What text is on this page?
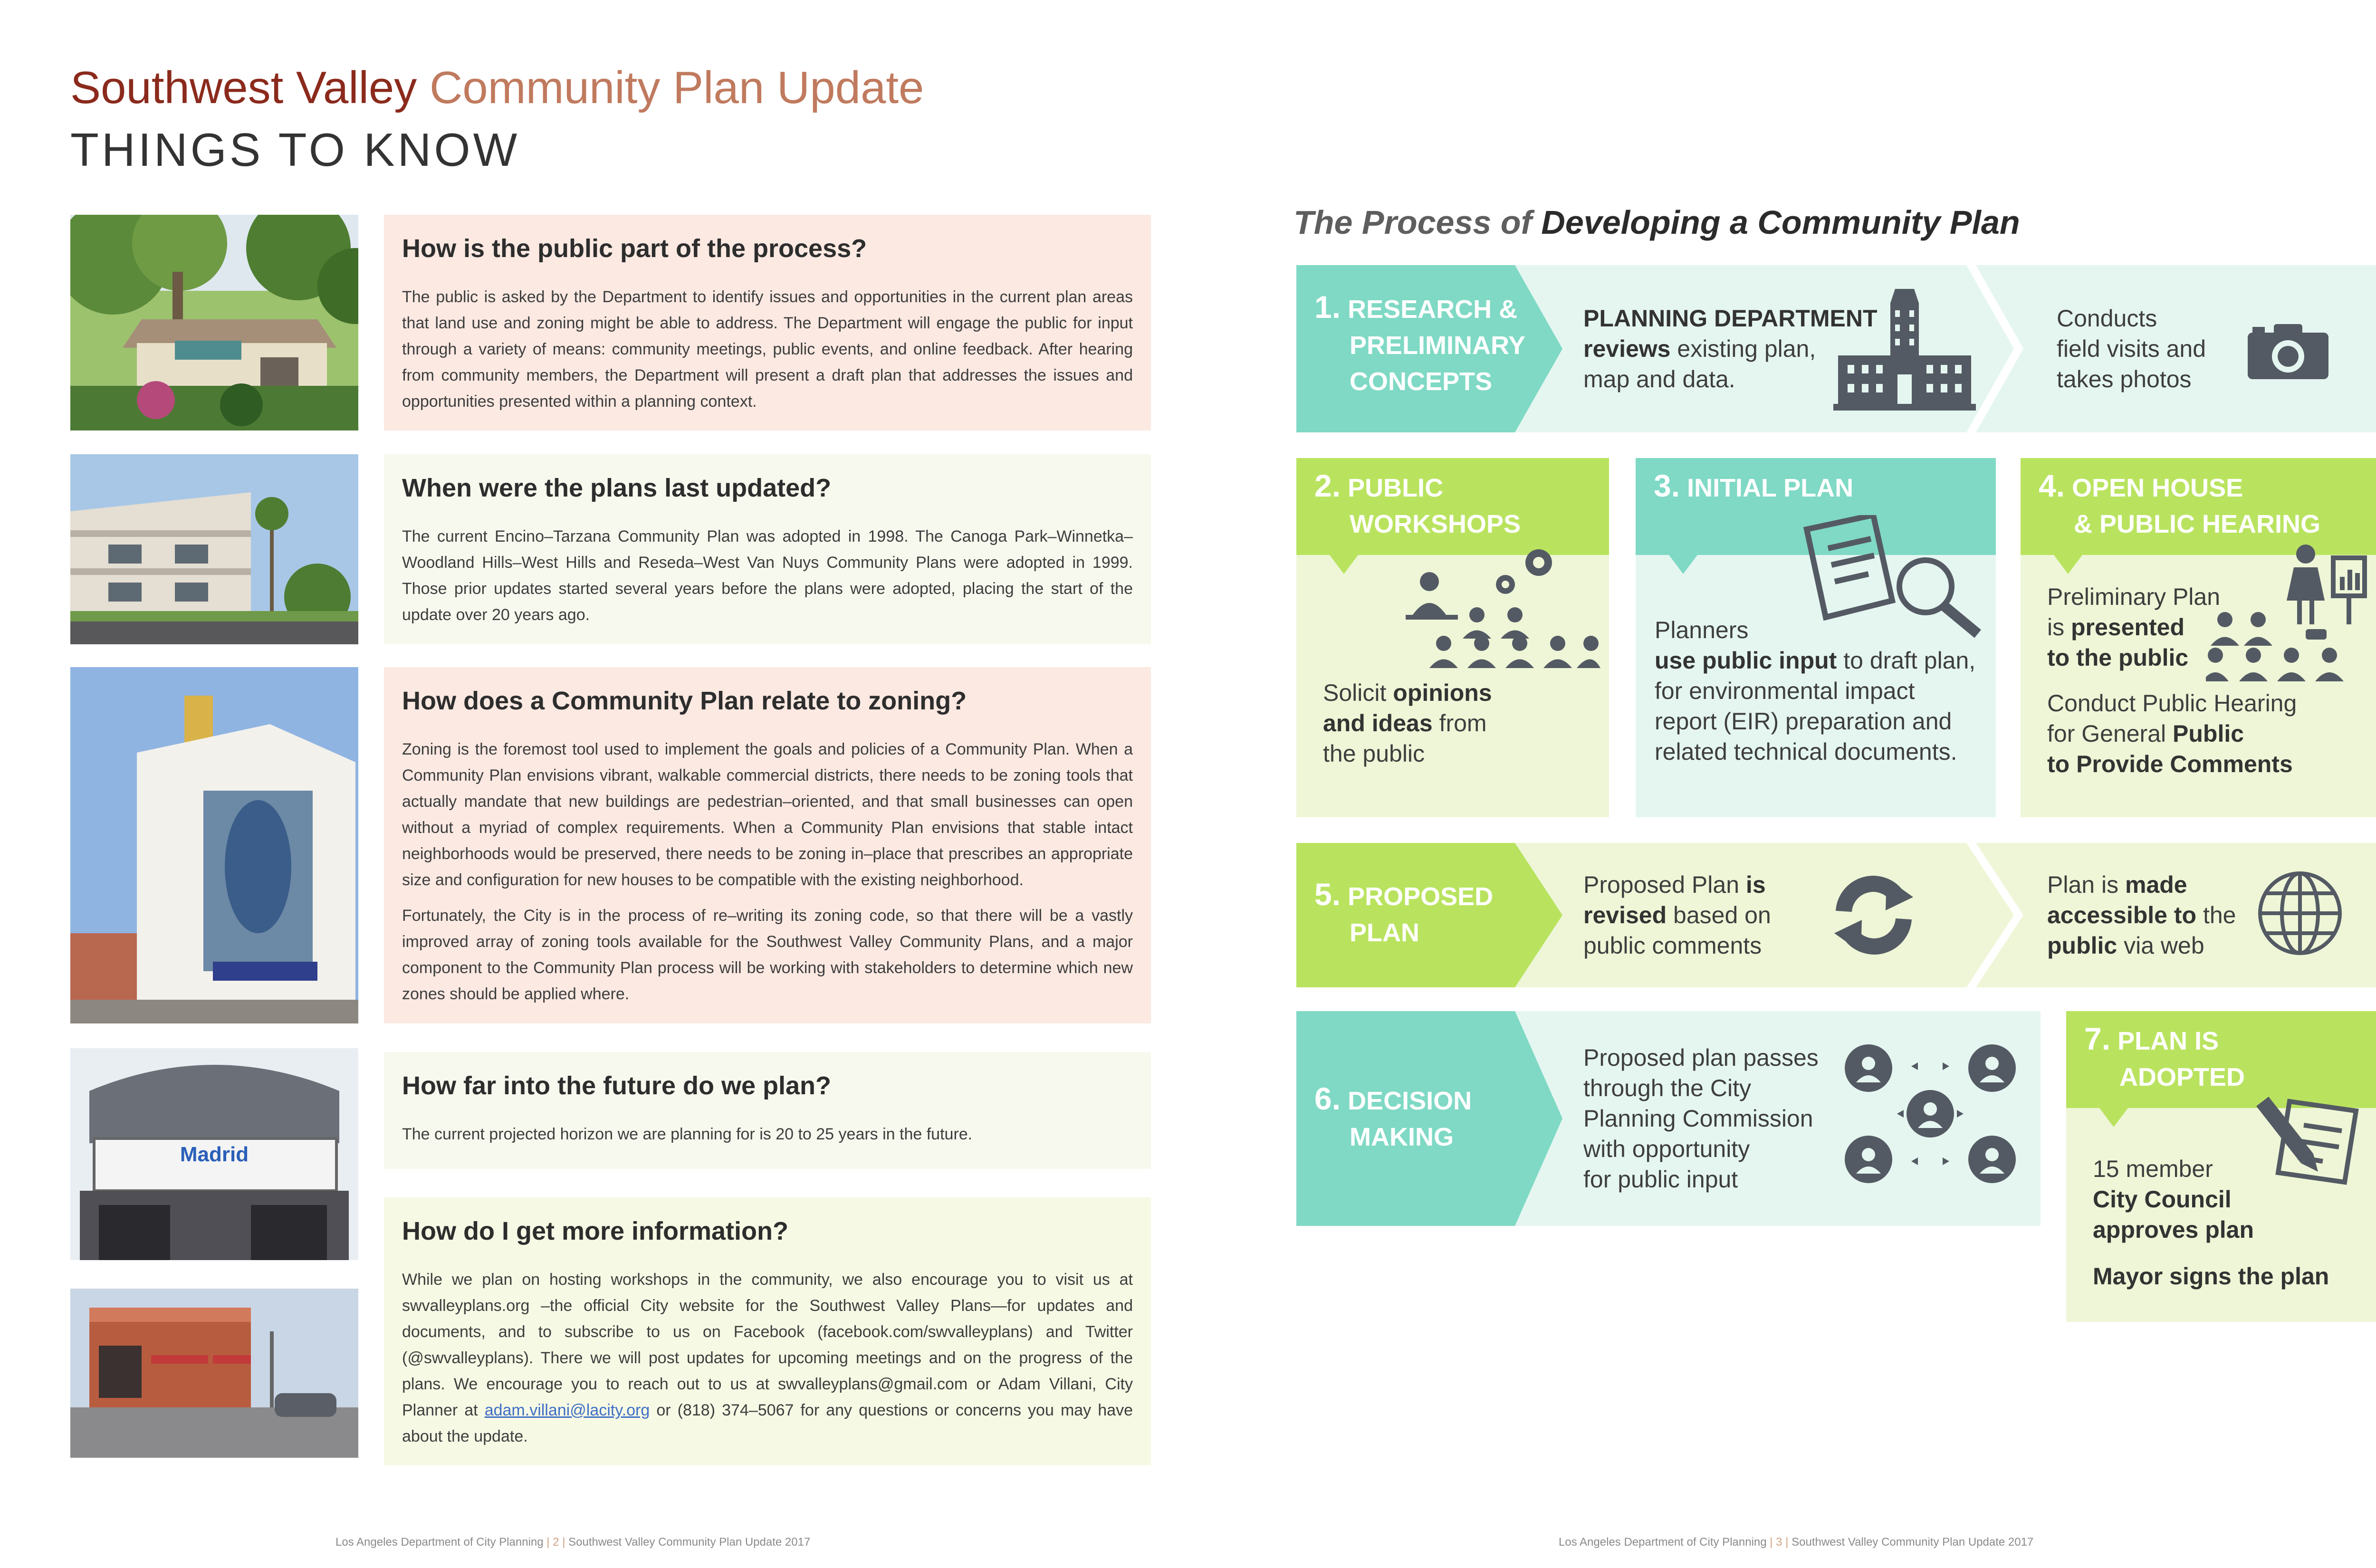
Southwest Valley Community Plan Update
THINGS TO KNOW
Madrid
How is the public part of the process?

The public is asked by the Department to identify issues and opportunities in the current plan areas that land use and zoning might be able to address. The Department will engage the public for input through a variety of means: community meetings, public events, and online feedback. After hearing from community members, the Department will present a draft plan that addresses the issues and opportunities presented within a planning context.

When were the plans last updated?

The current Encino–Tarzana Community Plan was adopted in 1998. The Canoga Park–Winnetka–Woodland Hills–West Hills and Reseda–West Van Nuys Community Plans were adopted in 1999. Those prior updates started several years before the plans were adopted, placing the start of the update over 20 years ago.

How does a Community Plan relate to zoning?

Zoning is the foremost tool used to implement the goals and policies of a Community Plan. When a Community Plan envisions vibrant, walkable commercial districts, there needs to be zoning tools that actually mandate that new buildings are pedestrian–oriented, and that small businesses can open without a myriad of complex requirements. When a Community Plan envisions that stable intact neighborhoods would be preserved, there needs to be zoning in–place that prescribes an appropriate size and configuration for new houses to be compatible with the existing neighborhood.

Fortunately, the City is in the process of re–writing its zoning code, so that there will be a vastly improved array of zoning tools available for the Southwest Valley Community Plans, and a major component to the Community Plan process will be working with stakeholders to determine which new zones should be applied where.

How far into the future do we plan?

The current projected horizon we are planning for is 20 to 25 years in the future.

How do I get more information?

While we plan on hosting workshops in the community, we also encourage you to visit us at swvalleyplans.org –the official City website for the Southwest Valley Plans—for updates and documents, and to subscribe to us on Facebook (facebook.com/swvalleyplans) and Twitter (@swvalleyplans). There we will post updates for upcoming meetings and on the progress of the plans. We encourage you to reach out to us at swvalleyplans@gmail.com or Adam Villani, City Planner at adam.villani@lacity.org or (818) 374–5067 for any questions or concerns you may have about the update.

Los Angeles Department of City Planning | 2 | Southwest Valley Community Plan Update 2017	Los Angeles Department of City Planning | 3 | Southwest Valley Community Plan Update 2017
The Process of Developing a Community Plan
1. RESEARCH &
PRELIMINARY
CONCEPTS
PLANNING DEPARTMENT
reviews existing plan,
map and data.
Conducts
field visits and
takes photos
2. PUBLIC
WORKSHOPS
Solicit opinions
and ideas from
the public
3. INITIAL PLAN
Planners
use public input to draft plan,
for environmental impact
report (EIR) preparation and
related technical documents.
4. OPEN HOUSE
& PUBLIC HEARING
Preliminary Plan
is presented
to the public
Conduct Public Hearing
for General Public
to Provide Comments
5. PROPOSED
PLAN
Proposed Plan is
revised based on
public comments
Plan is made
accessible to the
public via web
6. DECISION
MAKING
Proposed plan passes
through the City
Planning Commission
with opportunity
for public input
7. PLAN IS
ADOPTED
15 member
City Council
approves plan
Mayor signs the plan
